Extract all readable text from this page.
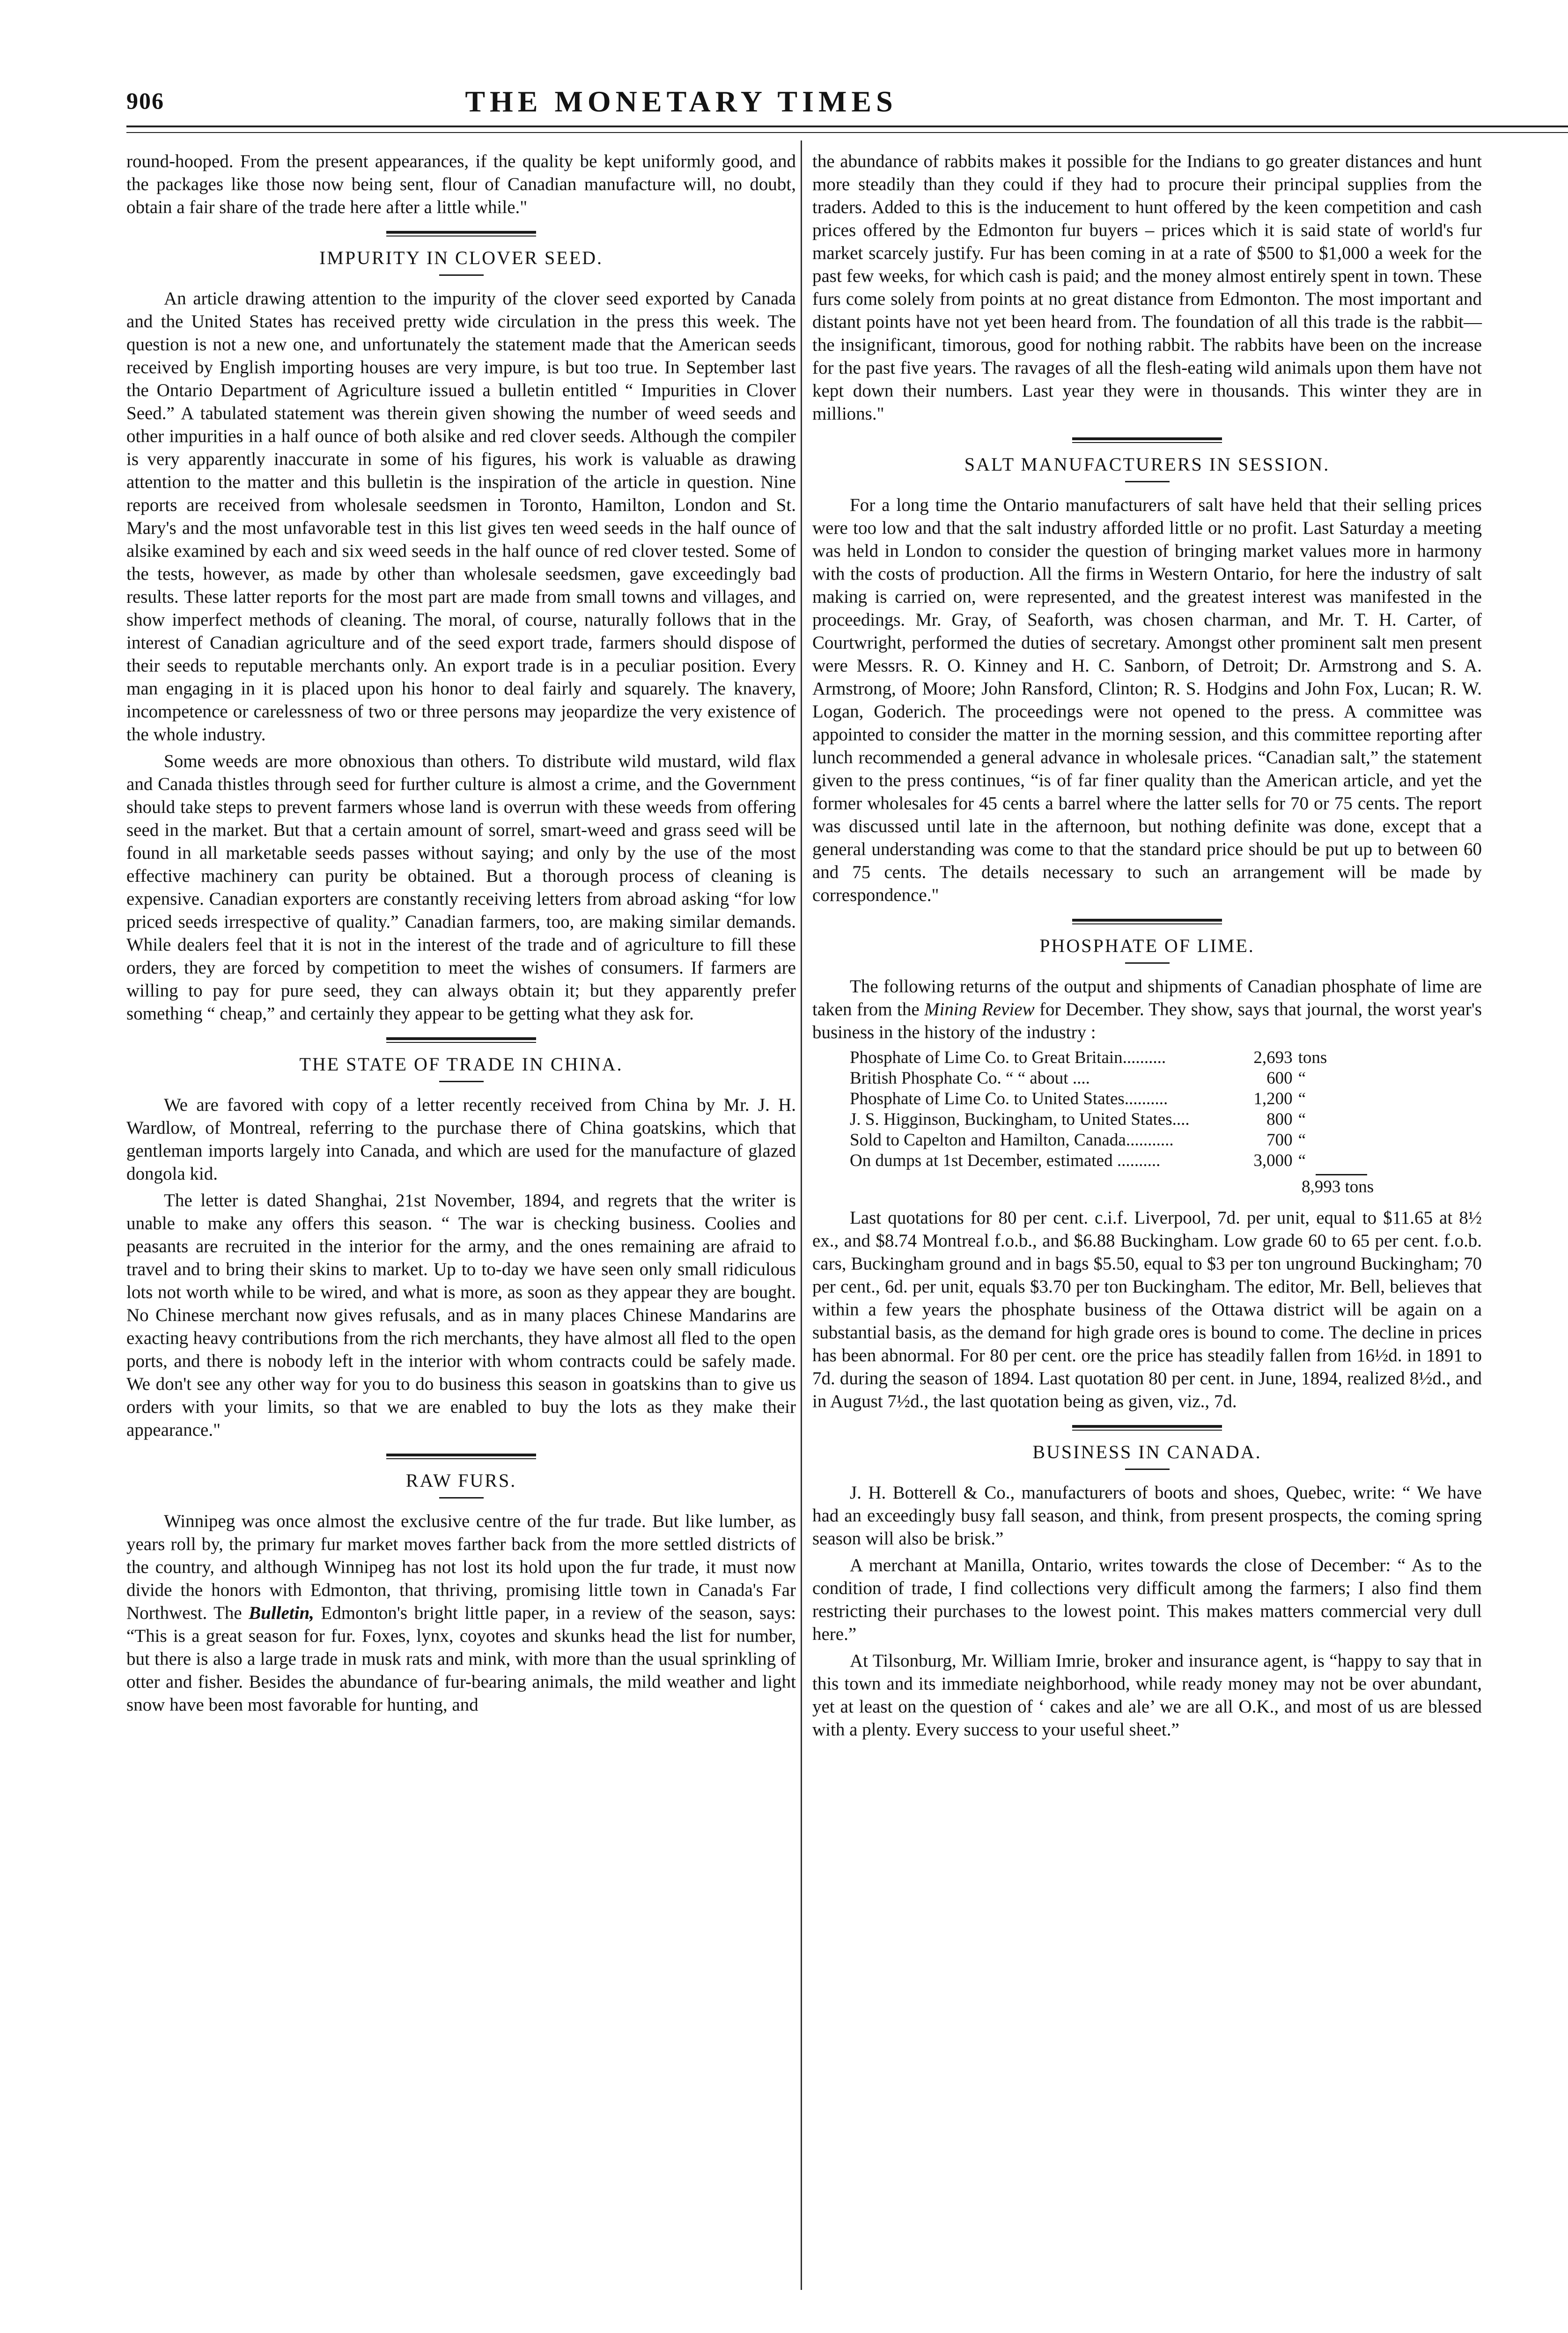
906	THE MONETARY TIMES

round-hooped. From the present appearances, if the quality be kept uniformly good, and the packages like those now being sent, flour of Canadian manufacture will, no doubt, obtain a fair share of the trade here after a little while."

IMPURITY IN CLOVER SEED.

An article drawing attention to the impurity of the clover seed exported by Canada and the United States has received pretty wide circulation in the press this week. The question is not a new one, and unfortunately the statement made that the American seeds received by English importing houses are very impure, is but too true. In September last the Ontario Department of Agriculture issued a bulletin entitled “ Impurities in Clover Seed.” A tabulated statement was therein given showing the number of weed seeds and other impurities in a half ounce of both alsike and red clover seeds. Although the compiler is very apparently inaccurate in some of his figures, his work is valuable as drawing attention to the matter and this bulletin is the inspiration of the article in question. Nine reports are received from wholesale seedsmen in Toronto, Hamilton, London and St. Mary's and the most unfavorable test in this list gives ten weed seeds in the half ounce of alsike examined by each and six weed seeds in the half ounce of red clover tested. Some of the tests, however, as made by other than wholesale seedsmen, gave exceedingly bad results. These latter reports for the most part are made from small towns and villages, and show imperfect methods of cleaning. The moral, of course, naturally follows that in the interest of Canadian agriculture and of the seed export trade, farmers should dispose of their seeds to reputable merchants only. An export trade is in a peculiar position. Every man engaging in it is placed upon his honor to deal fairly and squarely. The knavery, incompetence or carelessness of two or three persons may jeopardize the very existence of the whole industry.

Some weeds are more obnoxious than others. To distribute wild mustard, wild flax and Canada thistles through seed for further culture is almost a crime, and the Government should take steps to prevent farmers whose land is overrun with these weeds from offering seed in the market. But that a certain amount of sorrel, smart-weed and grass seed will be found in all marketable seeds passes without saying; and only by the use of the most effective machinery can purity be obtained. But a thorough process of cleaning is expensive. Canadian exporters are constantly receiving letters from abroad asking “for low priced seeds irrespective of quality.” Canadian farmers, too, are making similar demands. While dealers feel that it is not in the interest of the trade and of agriculture to fill these orders, they are forced by competition to meet the wishes of consumers. If farmers are willing to pay for pure seed, they can always obtain it; but they apparently prefer something “ cheap,” and certainly they appear to be getting what they ask for.

THE STATE OF TRADE IN CHINA.

We are favored with copy of a letter recently received from China by Mr. J. H. Wardlow, of Montreal, referring to the purchase there of China goatskins, which that gentleman imports largely into Canada, and which are used for the manufacture of glazed dongola kid.

The letter is dated Shanghai, 21st November, 1894, and regrets that the writer is unable to make any offers this season. “ The war is checking business. Coolies and peasants are recruited in the interior for the army, and the ones remaining are afraid to travel and to bring their skins to market. Up to to-day we have seen only small ridiculous lots not worth while to be wired, and what is more, as soon as they appear they are bought. No Chinese merchant now gives refusals, and as in many places Chinese Mandarins are exacting heavy contributions from the rich merchants, they have almost all fled to the open ports, and there is nobody left in the interior with whom contracts could be safely made. We don't see any other way for you to do business this season in goatskins than to give us orders with your limits, so that we are enabled to buy the lots as they make their appearance."

RAW FURS.

Winnipeg was once almost the exclusive centre of the fur trade. But like lumber, as years roll by, the primary fur market moves farther back from the more settled districts of the country, and although Winnipeg has not lost its hold upon the fur trade, it must now divide the honors with Edmonton, that thriving, promising little town in Canada's Far Northwest. The Bulletin, Edmonton's bright little paper, in a review of the season, says: “This is a great season for fur. Foxes, lynx, coyotes and skunks head the list for number, but there is also a large trade in musk rats and mink, with more than the usual sprinkling of otter and fisher. Besides the abundance of fur-bearing animals, the mild weather and light snow have been most favorable for hunting, and

the abundance of rabbits makes it possible for the Indians to go greater distances and hunt more steadily than they could if they had to procure their principal supplies from the traders. Added to this is the inducement to hunt offered by the keen competition and cash prices offered by the Edmonton fur buyers – prices which it is said state of world's fur market scarcely justify. Fur has been coming in at a rate of $500 to $1,000 a week for the past few weeks, for which cash is paid; and the money almost entirely spent in town. These furs come solely from points at no great distance from Edmonton. The most important and distant points have not yet been heard from. The foundation of all this trade is the rabbit—the insignificant, timorous, good for nothing rabbit. The rabbits have been on the increase for the past five years. The ravages of all the flesh-eating wild animals upon them have not kept down their numbers. Last year they were in thousands. This winter they are in millions."

SALT MANUFACTURERS IN SESSION.

For a long time the Ontario manufacturers of salt have held that their selling prices were too low and that the salt industry afforded little or no profit. Last Saturday a meeting was held in London to consider the question of bringing market values more in harmony with the costs of production. All the firms in Western Ontario, for here the industry of salt making is carried on, were represented, and the greatest interest was manifested in the proceedings. Mr. Gray, of Seaforth, was chosen charman, and Mr. T. H. Carter, of Courtwright, performed the duties of secretary. Amongst other prominent salt men present were Messrs. R. O. Kinney and H. C. Sanborn, of Detroit; Dr. Armstrong and S. A. Armstrong, of Moore; John Ransford, Clinton; R. S. Hodgins and John Fox, Lucan; R. W. Logan, Goderich. The proceedings were not opened to the press. A committee was appointed to consider the matter in the morning session, and this committee reporting after lunch recommended a general advance in wholesale prices. “Canadian salt,” the statement given to the press continues, “is of far finer quality than the American article, and yet the former wholesales for 45 cents a barrel where the latter sells for 70 or 75 cents. The report was discussed until late in the afternoon, but nothing definite was done, except that a general understanding was come to that the standard price should be put up to between 60 and 75 cents. The details necessary to such an arrangement will be made by correspondence."

PHOSPHATE OF LIME.

The following returns of the output and shipments of Canadian phosphate of lime are taken from the Mining Review for December. They show, says that journal, the worst year's business in the history of the industry :

Phosphate of Lime Co. to Great Britain..........	2,693	tons
British Phosphate Co. “ “ about ....	600	“
Phosphate of Lime Co. to United States..........	1,200	“
J. S. Higginson, Buckingham, to United States....	800	“
Sold to Capelton and Hamilton, Canada...........	700	“
On dumps at 1st December, estimated ..........	3,000	“
8,993 tons

Last quotations for 80 per cent. c.i.f. Liverpool, 7d. per unit, equal to $11.65 at 8½ ex., and $8.74 Montreal f.o.b., and $6.88 Buckingham. Low grade 60 to 65 per cent. f.o.b. cars, Buckingham ground and in bags $5.50, equal to $3 per ton unground Buckingham; 70 per cent., 6d. per unit, equals $3.70 per ton Buckingham. The editor, Mr. Bell, believes that within a few years the phosphate business of the Ottawa district will be again on a substantial basis, as the demand for high grade ores is bound to come. The decline in prices has been abnormal. For 80 per cent. ore the price has steadily fallen from 16½d. in 1891 to 7d. during the season of 1894. Last quotation 80 per cent. in June, 1894, realized 8½d., and in August 7½d., the last quotation being as given, viz., 7d.

BUSINESS IN CANADA.

J. H. Botterell & Co., manufacturers of boots and shoes, Quebec, write: “ We have had an exceedingly busy fall season, and think, from present prospects, the coming spring season will also be brisk.”

A merchant at Manilla, Ontario, writes towards the close of December: “ As to the condition of trade, I find collections very difficult among the farmers; I also find them restricting their purchases to the lowest point. This makes matters commercial very dull here.”

At Tilsonburg, Mr. William Imrie, broker and insurance agent, is “happy to say that in this town and its immediate neighborhood, while ready money may not be over abundant, yet at least on the question of ‘ cakes and ale’ we are all O.K., and most of us are blessed with a plenty. Every success to your useful sheet.”
